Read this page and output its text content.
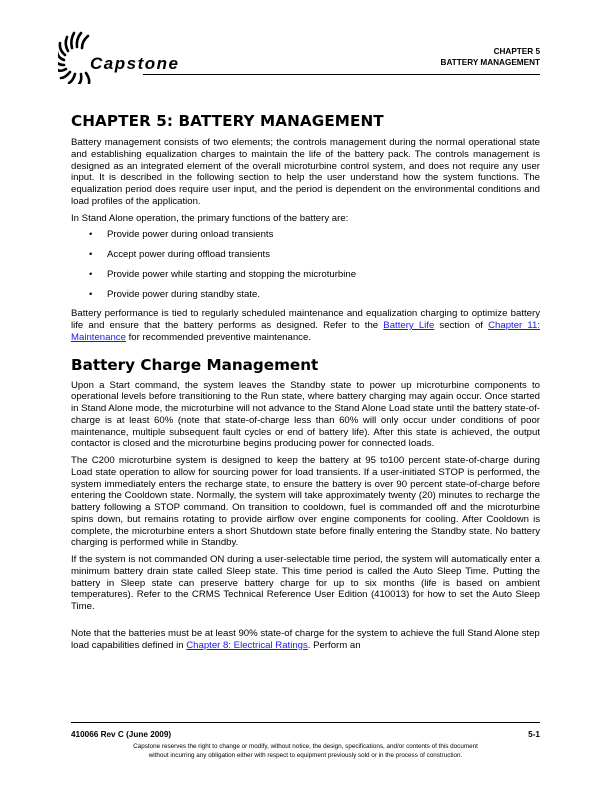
Capstone
CHAPTER 5
BATTERY MANAGEMENT
CHAPTER 5: BATTERY MANAGEMENT

Battery management consists of two elements; the controls management during the normal operational state and establishing equalization charges to maintain the life of the battery pack. The controls management is designed as an integrated element of the overall microturbine control system, and does not require any user input. It is described in the following section to help the user understand how the system functions. The equalization period does require user input, and the period is dependent on the environmental conditions and load profiles of the application.

In Stand Alone operation, the primary functions of the battery are:

• Provide power during onload transients
• Accept power during offload transients
• Provide power while starting and stopping the microturbine
• Provide power during standby state.

Battery performance is tied to regularly scheduled maintenance and equalization charging to optimize battery life and ensure that the battery performs as designed. Refer to the Battery Life section of Chapter 11: Maintenance for recommended preventive maintenance.

Battery Charge Management

Upon a Start command, the system leaves the Standby state to power up microturbine components to operational levels before transitioning to the Run state, where battery charging may again occur. Once started in Stand Alone mode, the microturbine will not advance to the Stand Alone Load state until the battery state-of-charge is at least 60% (note that state-of-charge less than 60% will only occur under conditions of poor maintenance, multiple subsequent fault cycles or end of battery life). After this state is achieved, the output contactor is closed and the microturbine begins producing power for connected loads.

The C200 microturbine system is designed to keep the battery at 95 to100 percent state-of-charge during Load state operation to allow for sourcing power for load transients. If a user-initiated STOP is performed, the system immediately enters the recharge state, to ensure the battery is over 90 percent state-of-charge before entering the Cooldown state. Normally, the system will take approximately twenty (20) minutes to recharge the battery following a STOP command. On transition to cooldown, fuel is commanded off and the microturbine spins down, but remains rotating to provide airflow over engine components for cooling. After Cooldown is complete, the microturbine enters a short Shutdown state before finally entering the Standby state. No battery charging is performed while in Standby.

If the system is not commanded ON during a user-selectable time period, the system will automatically enter a minimum battery drain state called Sleep state. This time period is called the Auto Sleep Time. Putting the battery in Sleep state can preserve battery charge for up to six months (life is based on ambient temperatures). Refer to the CRMS Technical Reference User Edition (410013) for how to set the Auto Sleep Time.

Note that the batteries must be at least 90% state-of charge for the system to achieve the full Stand Alone step load capabilities defined in Chapter 8: Electrical Ratings. Perform an

410066 Rev C (June 2009)	5-1
Capstone reserves the right to change or modify, without notice, the design, specifications, and/or contents of this document
without incurring any obligation either with respect to equipment previously sold or in the process of construction.
